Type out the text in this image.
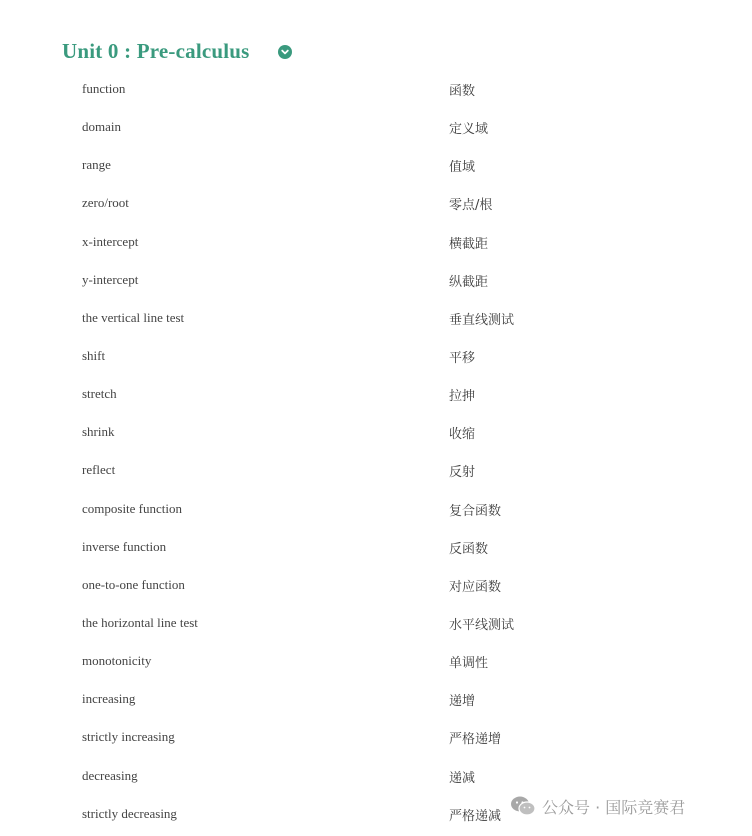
Unit 0 : Pre-calculus
function	函数
domain	定义域
range	值域
zero/root	零点/根
x-intercept	横截距
y-intercept	纵截距
the vertical line test	垂直线测试
shift	平移
stretch	拉抻
shrink	收缩
reflect	反射
composite function	复合函数
inverse function	反函数
one-to-one function	对应函数
the horizontal line test	水平线测试
monotonicity	单调性
increasing	递增
strictly increasing	严格递增
decreasing	递减
strictly decreasing	严格递减	公众号 · 国际竞赛君
